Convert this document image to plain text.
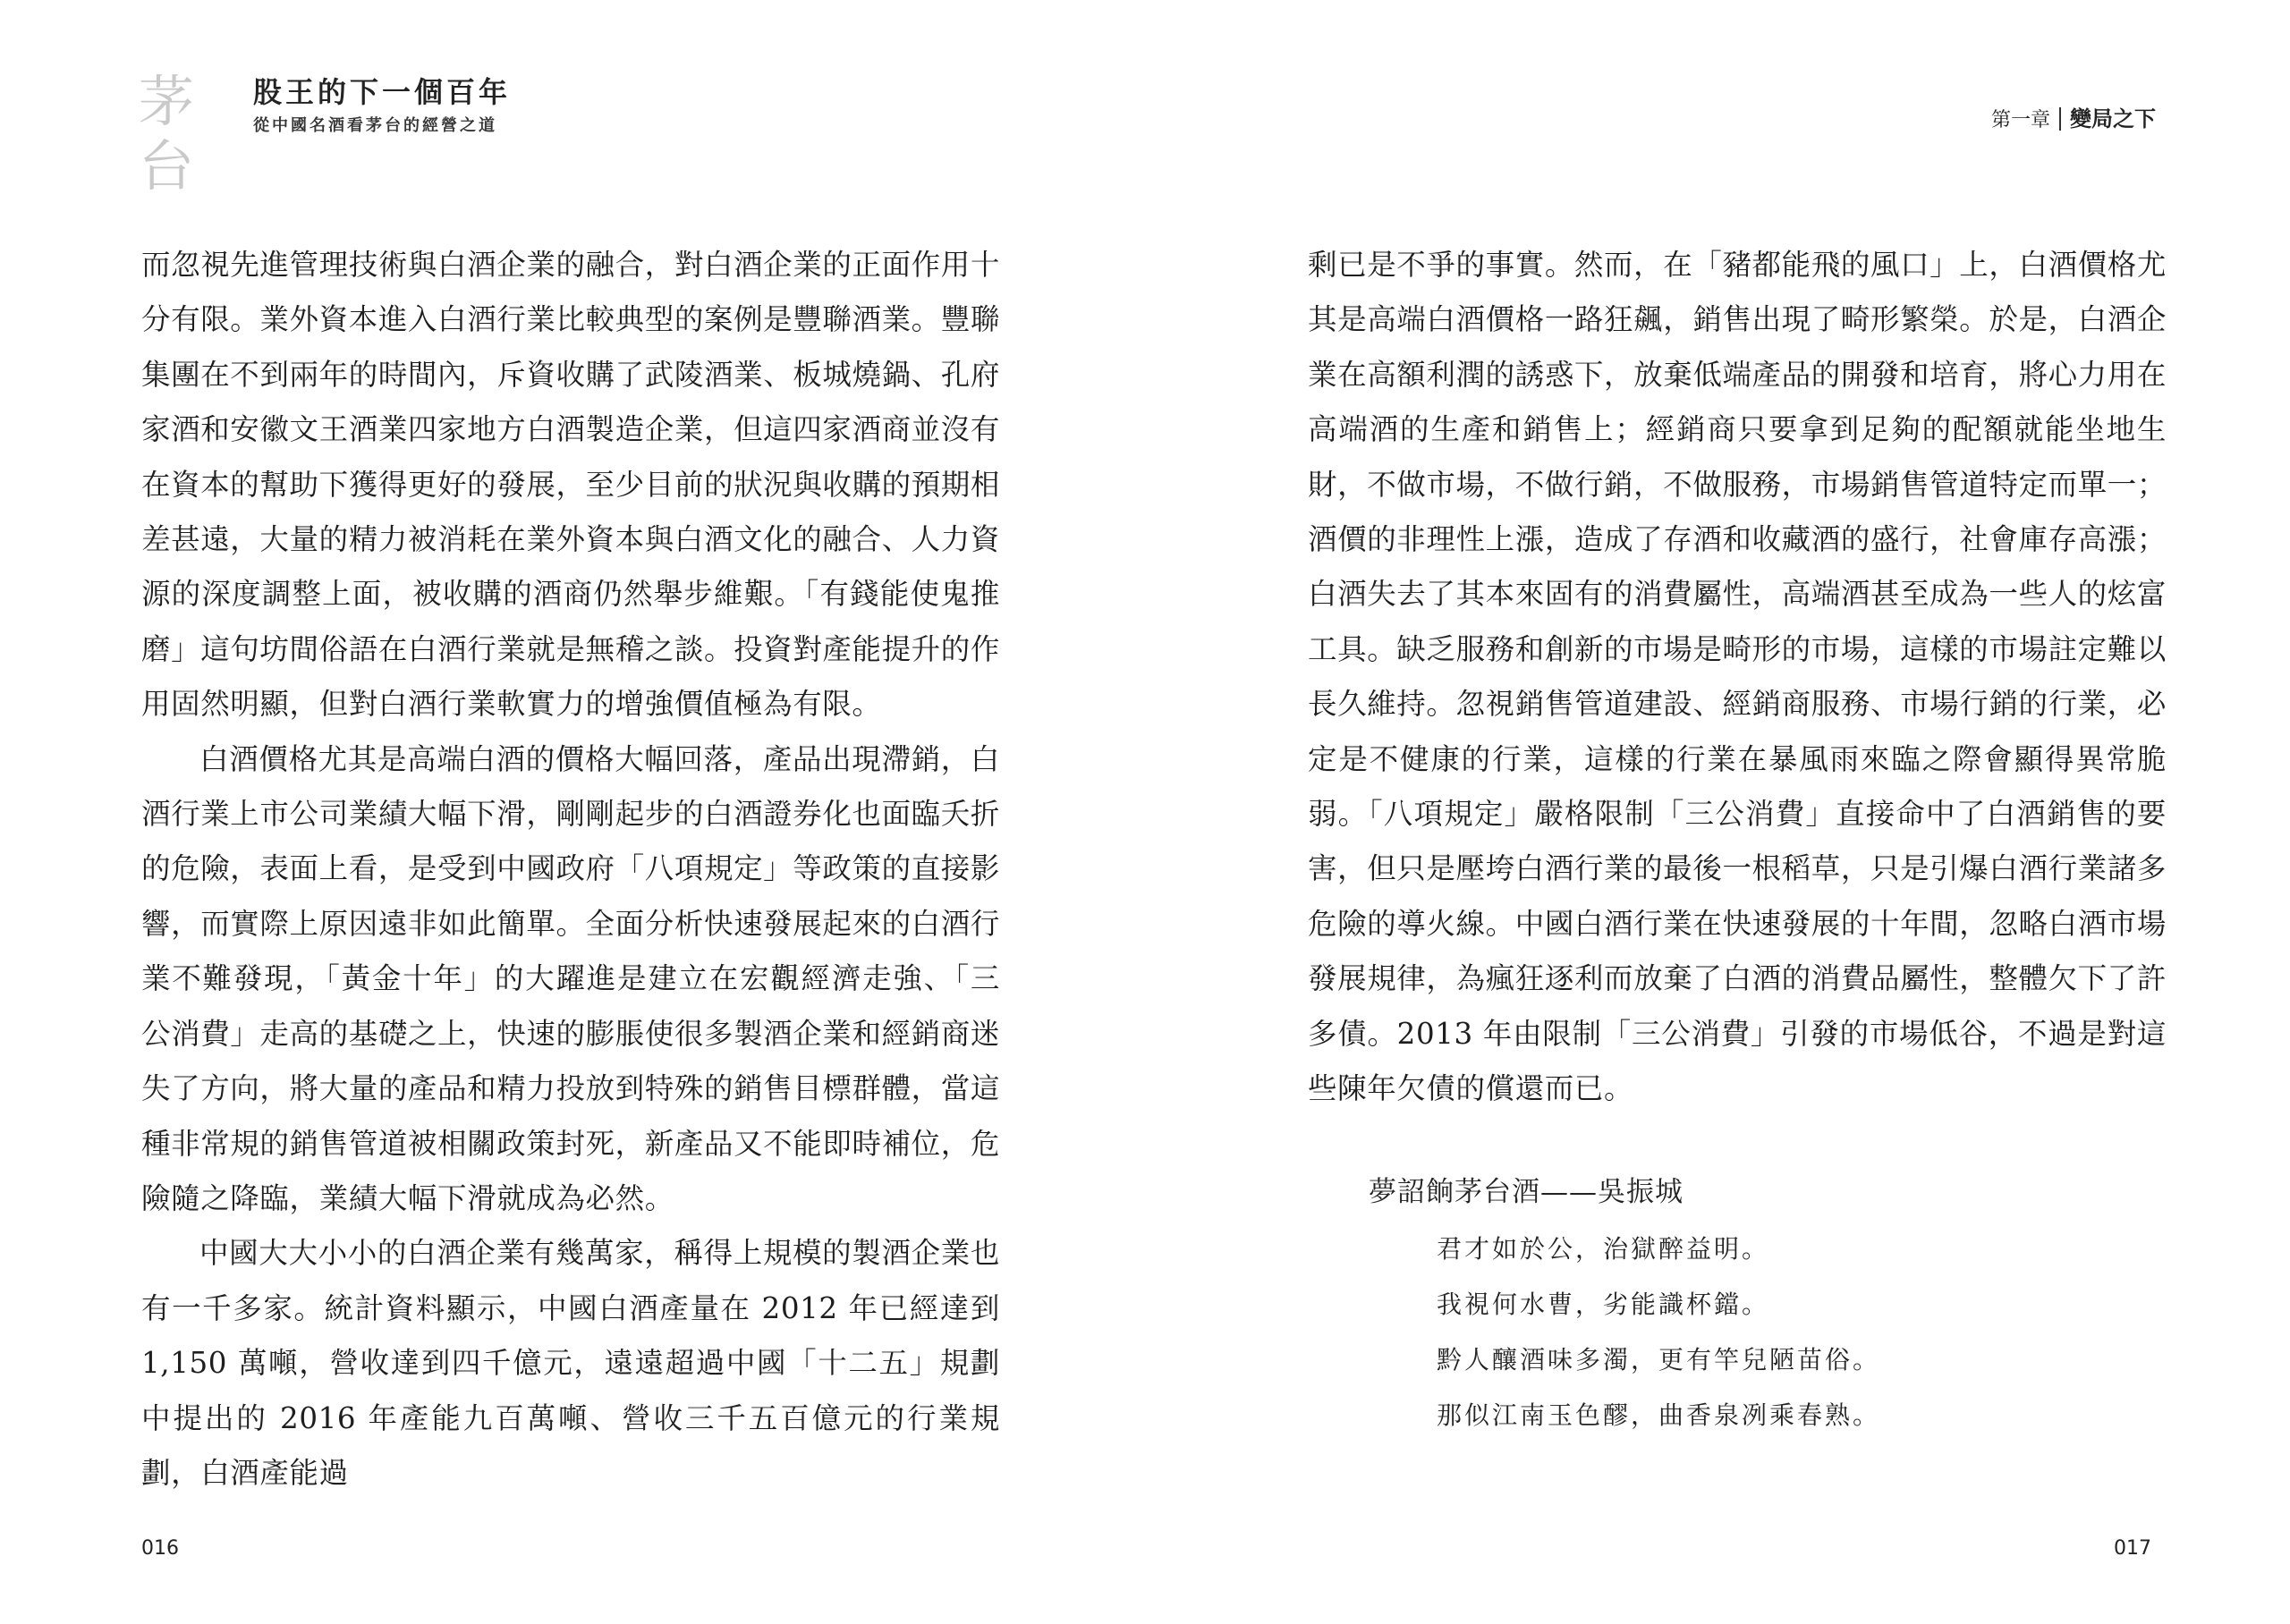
茅台
股王的下一個百年
從中國名酒看茅台的經營之道	第一章 變局之下

而忽視先進管理技術與白酒企業的融合，對白酒企業的正面作用十分有限。業外資本進入白酒行業比較典型的案例是豐聯酒業。豐聯集團在不到兩年的時間內，斥資收購了武陵酒業、板城燒鍋、孔府家酒和安徽文王酒業四家地方白酒製造企業，但這四家酒商並沒有在資本的幫助下獲得更好的發展，至少目前的狀況與收購的預期相差甚遠，大量的精力被消耗在業外資本與白酒文化的融合、人力資源的深度調整上面，被收購的酒商仍然舉步維艱。「有錢能使鬼推磨」這句坊間俗語在白酒行業就是無稽之談。投資對產能提升的作用固然明顯，但對白酒行業軟實力的增強價值極為有限。

白酒價格尤其是高端白酒的價格大幅回落，產品出現滯銷，白酒行業上市公司業績大幅下滑，剛剛起步的白酒證券化也面臨夭折的危險，表面上看，是受到中國政府「八項規定」等政策的直接影響，而實際上原因遠非如此簡單。全面分析快速發展起來的白酒行業不難發現，「黃金十年」的大躍進是建立在宏觀經濟走強、「三公消費」走高的基礎之上，快速的膨脹使很多製酒企業和經銷商迷失了方向，將大量的產品和精力投放到特殊的銷售目標群體，當這種非常規的銷售管道被相關政策封死，新產品又不能即時補位，危險隨之降臨，業績大幅下滑就成為必然。

中國大大小小的白酒企業有幾萬家，稱得上規模的製酒企業也有一千多家。統計資料顯示，中國白酒產量在 2012 年已經達到 1,150 萬噸，營收達到四千億元，遠遠超過中國「十二五」規劃中提出的 2016 年產能九百萬噸、營收三千五百億元的行業規劃，白酒產能過

剩已是不爭的事實。然而，在「豬都能飛的風口」上，白酒價格尤其是高端白酒價格一路狂飆，銷售出現了畸形繁榮。於是，白酒企業在高額利潤的誘惑下，放棄低端產品的開發和培育，將心力用在高端酒的生產和銷售上；經銷商只要拿到足夠的配額就能坐地生財，不做市場，不做行銷，不做服務，市場銷售管道特定而單一；酒價的非理性上漲，造成了存酒和收藏酒的盛行，社會庫存高漲；白酒失去了其本來固有的消費屬性，高端酒甚至成為一些人的炫富工具。缺乏服務和創新的市場是畸形的市場，這樣的市場註定難以長久維持。忽視銷售管道建設、經銷商服務、市場行銷的行業，必定是不健康的行業，這樣的行業在暴風雨來臨之際會顯得異常脆弱。「八項規定」嚴格限制「三公消費」直接命中了白酒銷售的要害，但只是壓垮白酒行業的最後一根稻草，只是引爆白酒行業諸多危險的導火線。中國白酒行業在快速發展的十年間，忽略白酒市場發展規律，為瘋狂逐利而放棄了白酒的消費品屬性，整體欠下了許多債。2013 年由限制「三公消費」引發的市場低谷，不過是對這些陳年欠債的償還而已。

夢詔餉茅台酒——吳振城
君才如於公，治獄醉益明。
我視何水曹，劣能識杯鐺。
黔人釀酒味多濁，更有竿兒陋苗俗。
那似江南玉色醪，曲香泉冽乘春熟。
016	017
